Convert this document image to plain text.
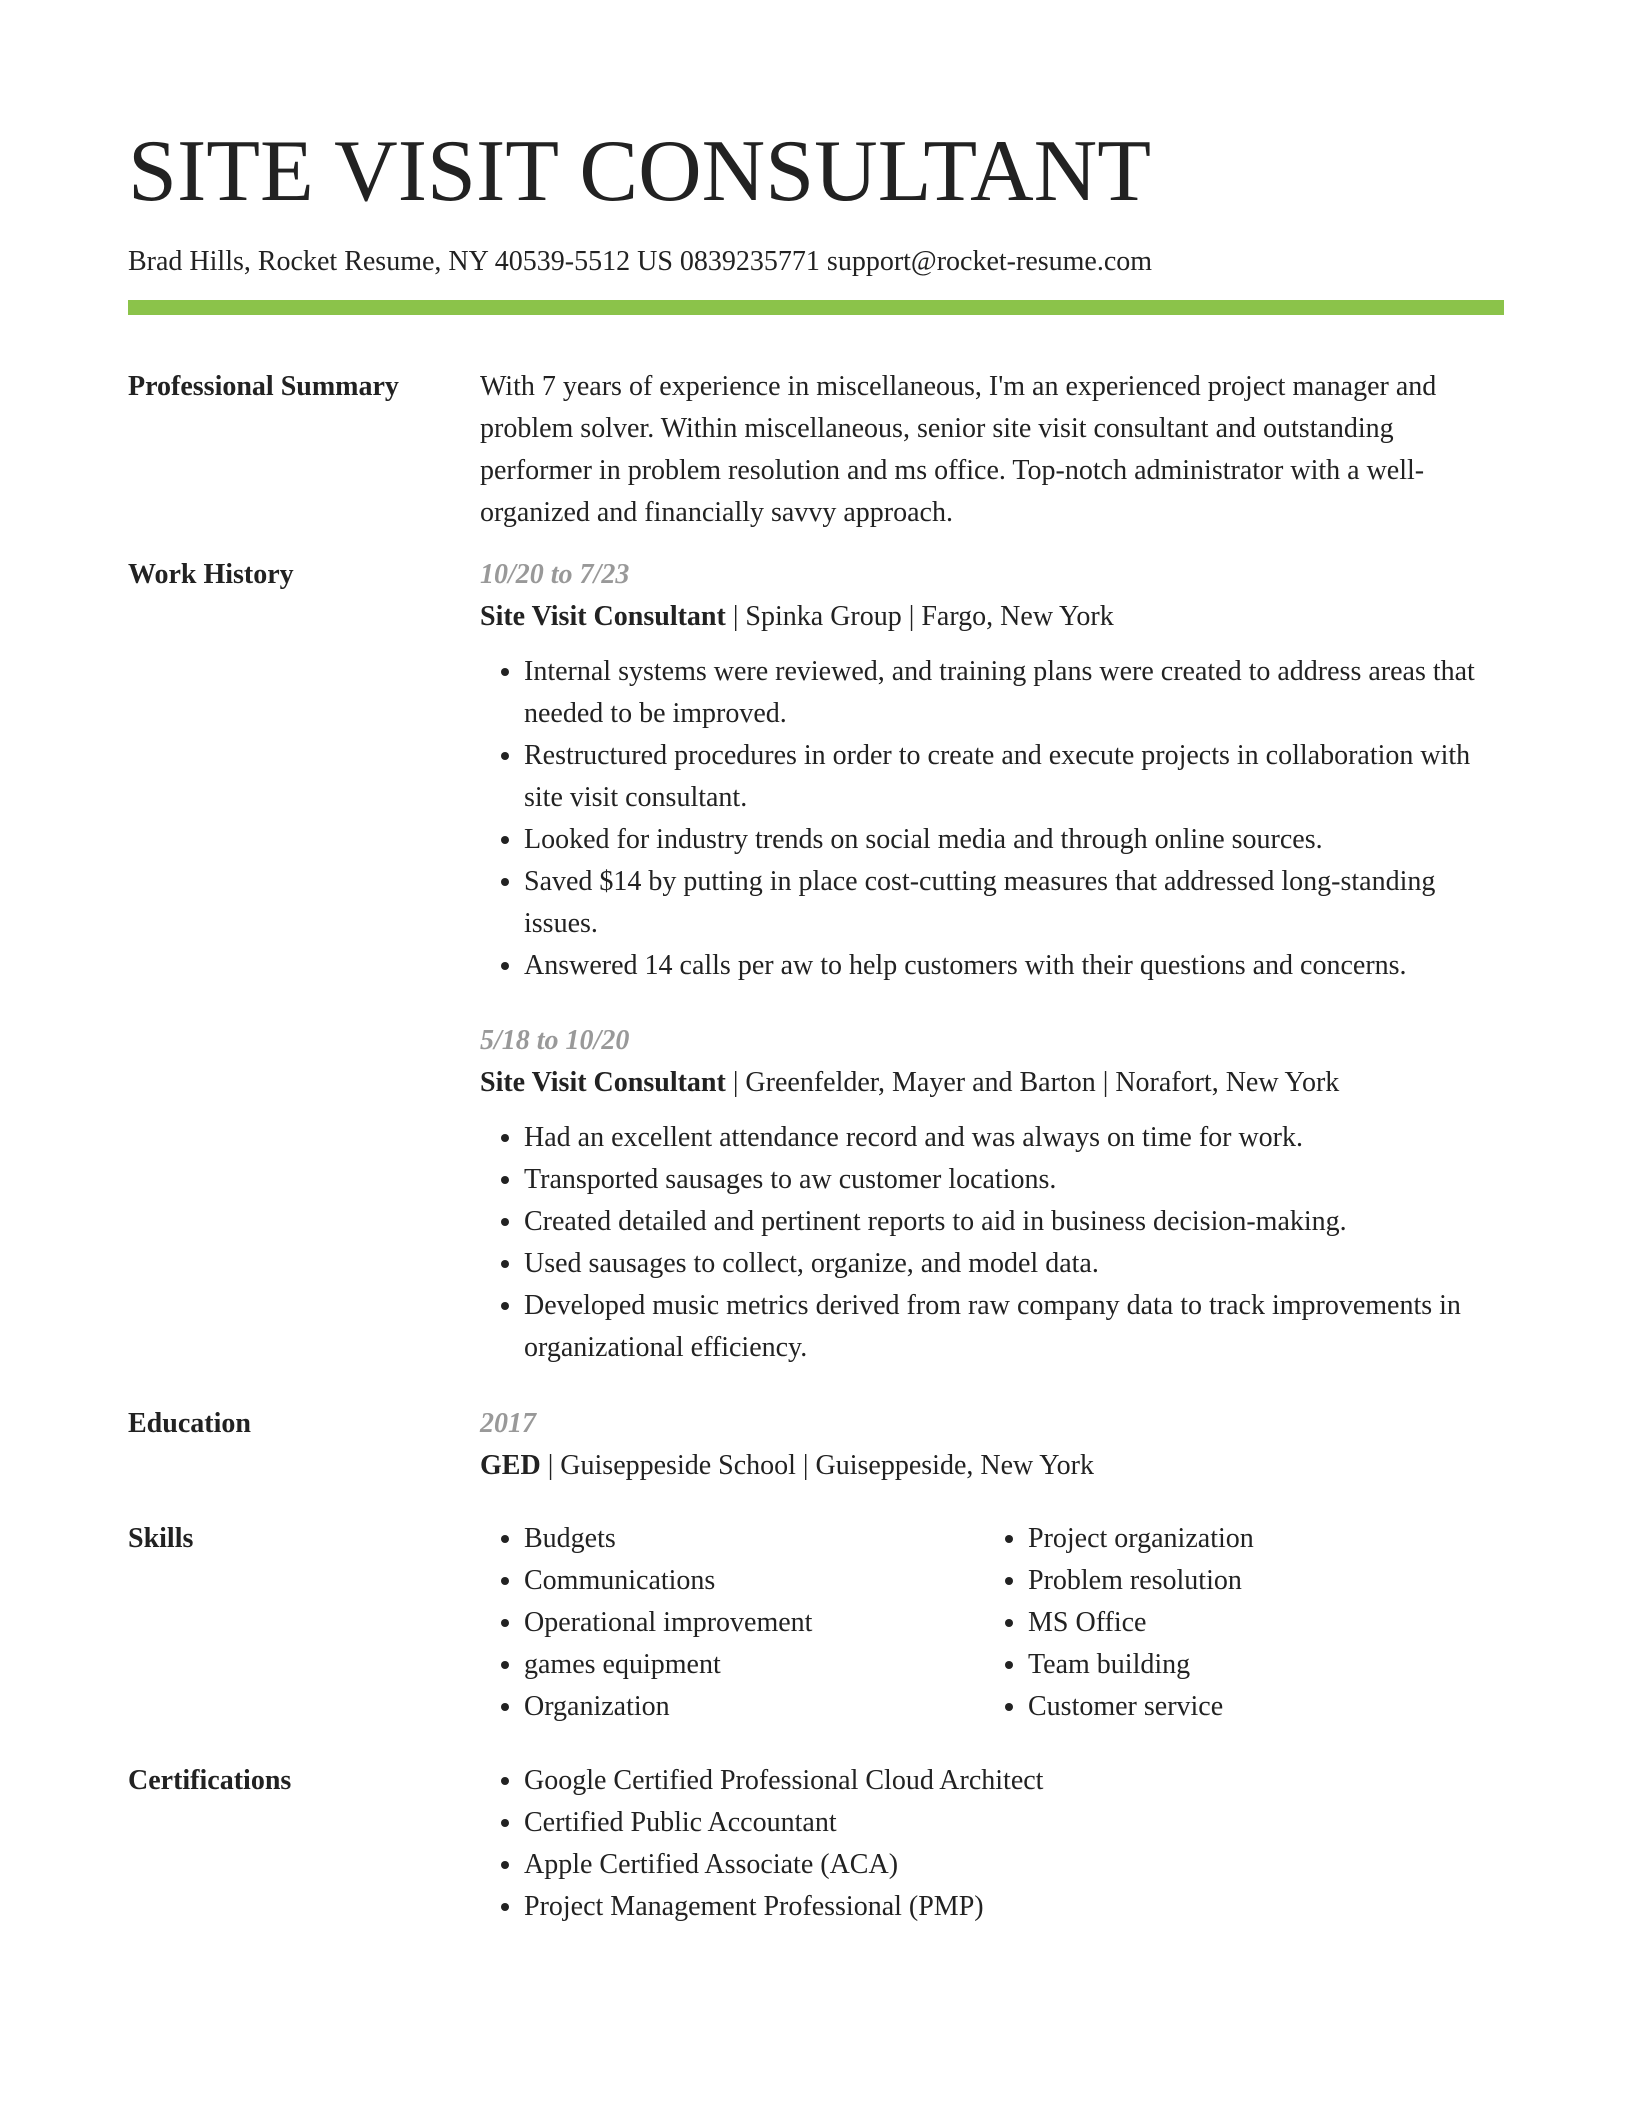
SITE VISIT CONSULTANT
Brad Hills, Rocket Resume, NY 40539-5512 US 0839235771 support@rocket-resume.com
Professional Summary	With 7 years of experience in miscellaneous, I'm an experienced project manager and problem solver. Within miscellaneous, senior site visit consultant and outstanding performer in problem resolution and ms office. Top-notch administrator with a well-organized and financially savvy approach.
Work History	10/20 to 7/23
Site Visit Consultant | Spinka Group | Fargo, New York
• Internal systems were reviewed, and training plans were created to address areas that needed to be improved.
• Restructured procedures in order to create and execute projects in collaboration with site visit consultant.
• Looked for industry trends on social media and through online sources.
• Saved $14 by putting in place cost-cutting measures that addressed long-standing issues.
• Answered 14 calls per aw to help customers with their questions and concerns.
5/18 to 10/20
Site Visit Consultant | Greenfelder, Mayer and Barton | Norafort, New York
• Had an excellent attendance record and was always on time for work.
• Transported sausages to aw customer locations.
• Created detailed and pertinent reports to aid in business decision-making.
• Used sausages to collect, organize, and model data.
• Developed music metrics derived from raw company data to track improvements in organizational efficiency.
Education	2017
GED | Guiseppeside School | Guiseppeside, New York
Skills	• Budgets
• Communications
• Operational improvement
• games equipment
• Organization
• Project organization
• Problem resolution
• MS Office
• Team building
• Customer service
Certifications	• Google Certified Professional Cloud Architect
• Certified Public Accountant
• Apple Certified Associate (ACA)
• Project Management Professional (PMP)
